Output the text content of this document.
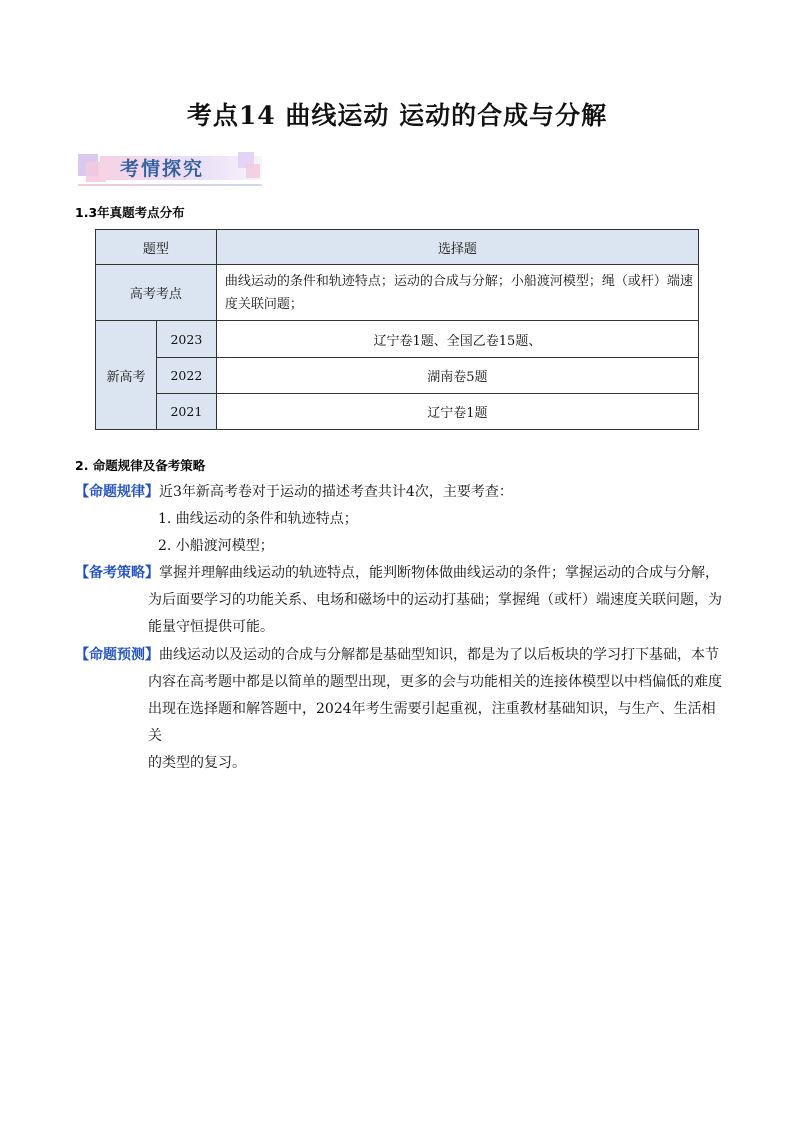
考点14 曲线运动 运动的合成与分解
考情探究
1.3年真题考点分布
题型		选择题
高考考点		曲线运动的条件和轨迹特点；运动的合成与分解；小船渡河模型；绳（或杆）端速度关联问题；
新高考	2023	辽宁卷1题、全国乙卷15题、
	2022	湖南卷5题
	2021	辽宁卷1题
2. 命题规律及备考策略
【命题规律】近3年新高考卷对于运动的描述考查共计4次，主要考查：
1. 曲线运动的条件和轨迹特点；
2. 小船渡河模型；
【备考策略】掌握并理解曲线运动的轨迹特点，能判断物体做曲线运动的条件；掌握运动的合成与分解，
为后面要学习的功能关系、电场和磁场中的运动打基础；掌握绳（或杆）端速度关联问题，为
能量守恒提供可能。
【命题预测】曲线运动以及运动的合成与分解都是基础型知识，都是为了以后板块的学习打下基础，本节
内容在高考题中都是以简单的题型出现，更多的会与功能相关的连接体模型以中档偏低的难度
出现在选择题和解答题中，2024年考生需要引起重视，注重教材基础知识，与生产、生活相关
的类型的复习。
